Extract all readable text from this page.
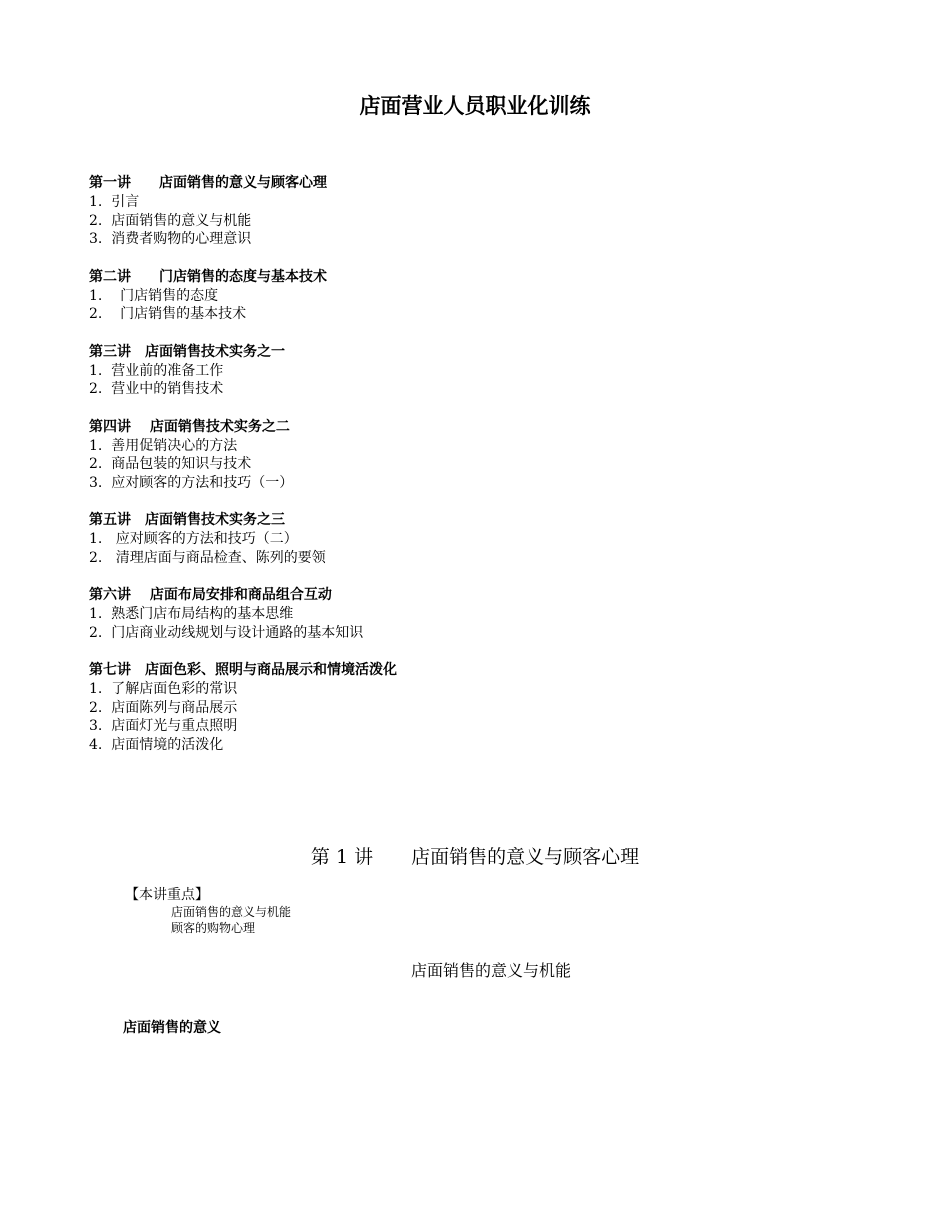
店面营业人员职业化训练
第一讲　　店面销售的意义与顾客心理
1.  引言
2.  店面销售的意义与机能
3.  消费者购物的心理意识
第二讲　　门店销售的态度与基本技术
1.    门店销售的态度
2.    门店销售的基本技术
第三讲　店面销售技术实务之一
1.  营业前的准备工作
2.  营业中的销售技术
第四讲　 店面销售技术实务之二
1.  善用促销决心的方法
2.  商品包装的知识与技术
3.  应对顾客的方法和技巧（一）
第五讲　店面销售技术实务之三
1.   应对顾客的方法和技巧（二）
2.   清理店面与商品检查、陈列的要领
第六讲　 店面布局安排和商品组合互动
1.  熟悉门店布局结构的基本思维
2.  门店商业动线规划与设计通路的基本知识
第七讲　店面色彩、照明与商品展示和情境活泼化
1.  了解店面色彩的常识
2.  店面陈列与商品展示
3.  店面灯光与重点照明
4.  店面情境的活泼化
第 1 讲　　店面销售的意义与顾客心理
【本讲重点】
店面销售的意义与机能
顾客的购物心理
店面销售的意义与机能
店面销售的意义
